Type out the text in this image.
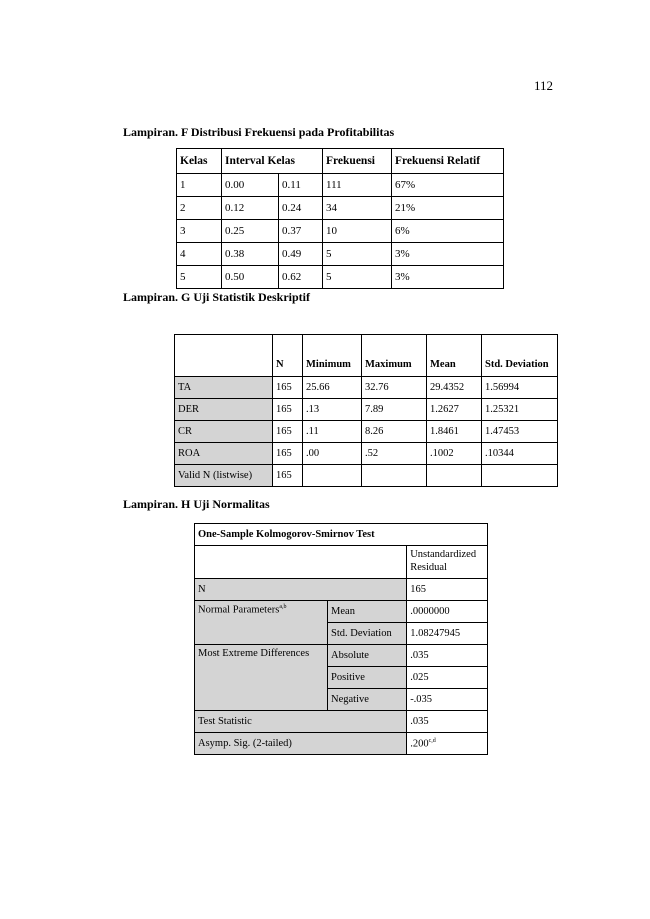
112
Lampiran. F Distribusi Frekuensi pada Profitabilitas
Kelas	Interval Kelas		Frekuensi	Frekuensi Relatif
1	0.00	0.11	111	67%
2	0.12	0.24	34	21%
3	0.25	0.37	10	6%
4	0.38	0.49	5	3%
5	0.50	0.62	5	3%
Lampiran. G Uji Statistik Deskriptif
	N	Minimum	Maximum	Mean	Std. Deviation
TA	165	25.66	32.76	29.4352	1.56994
DER	165	.13	7.89	1.2627	1.25321
CR	165	.11	8.26	1.8461	1.47453
ROA	165	.00	.52	.1002	.10344
Valid N (listwise)	165				
Lampiran. H Uji Normalitas
One-Sample Kolmogorov-Smirnov Test		
		Unstandardized Residual
N		165
Normal Parameters$^{a,b}$	Mean	.0000000
	Std. Deviation	1.08247945
Most Extreme Differences	Absolute	.035
	Positive	.025
	Negative	-.035
Test Statistic		.035
Asymp. Sig. (2-tailed)		.200$^{c,d}$
